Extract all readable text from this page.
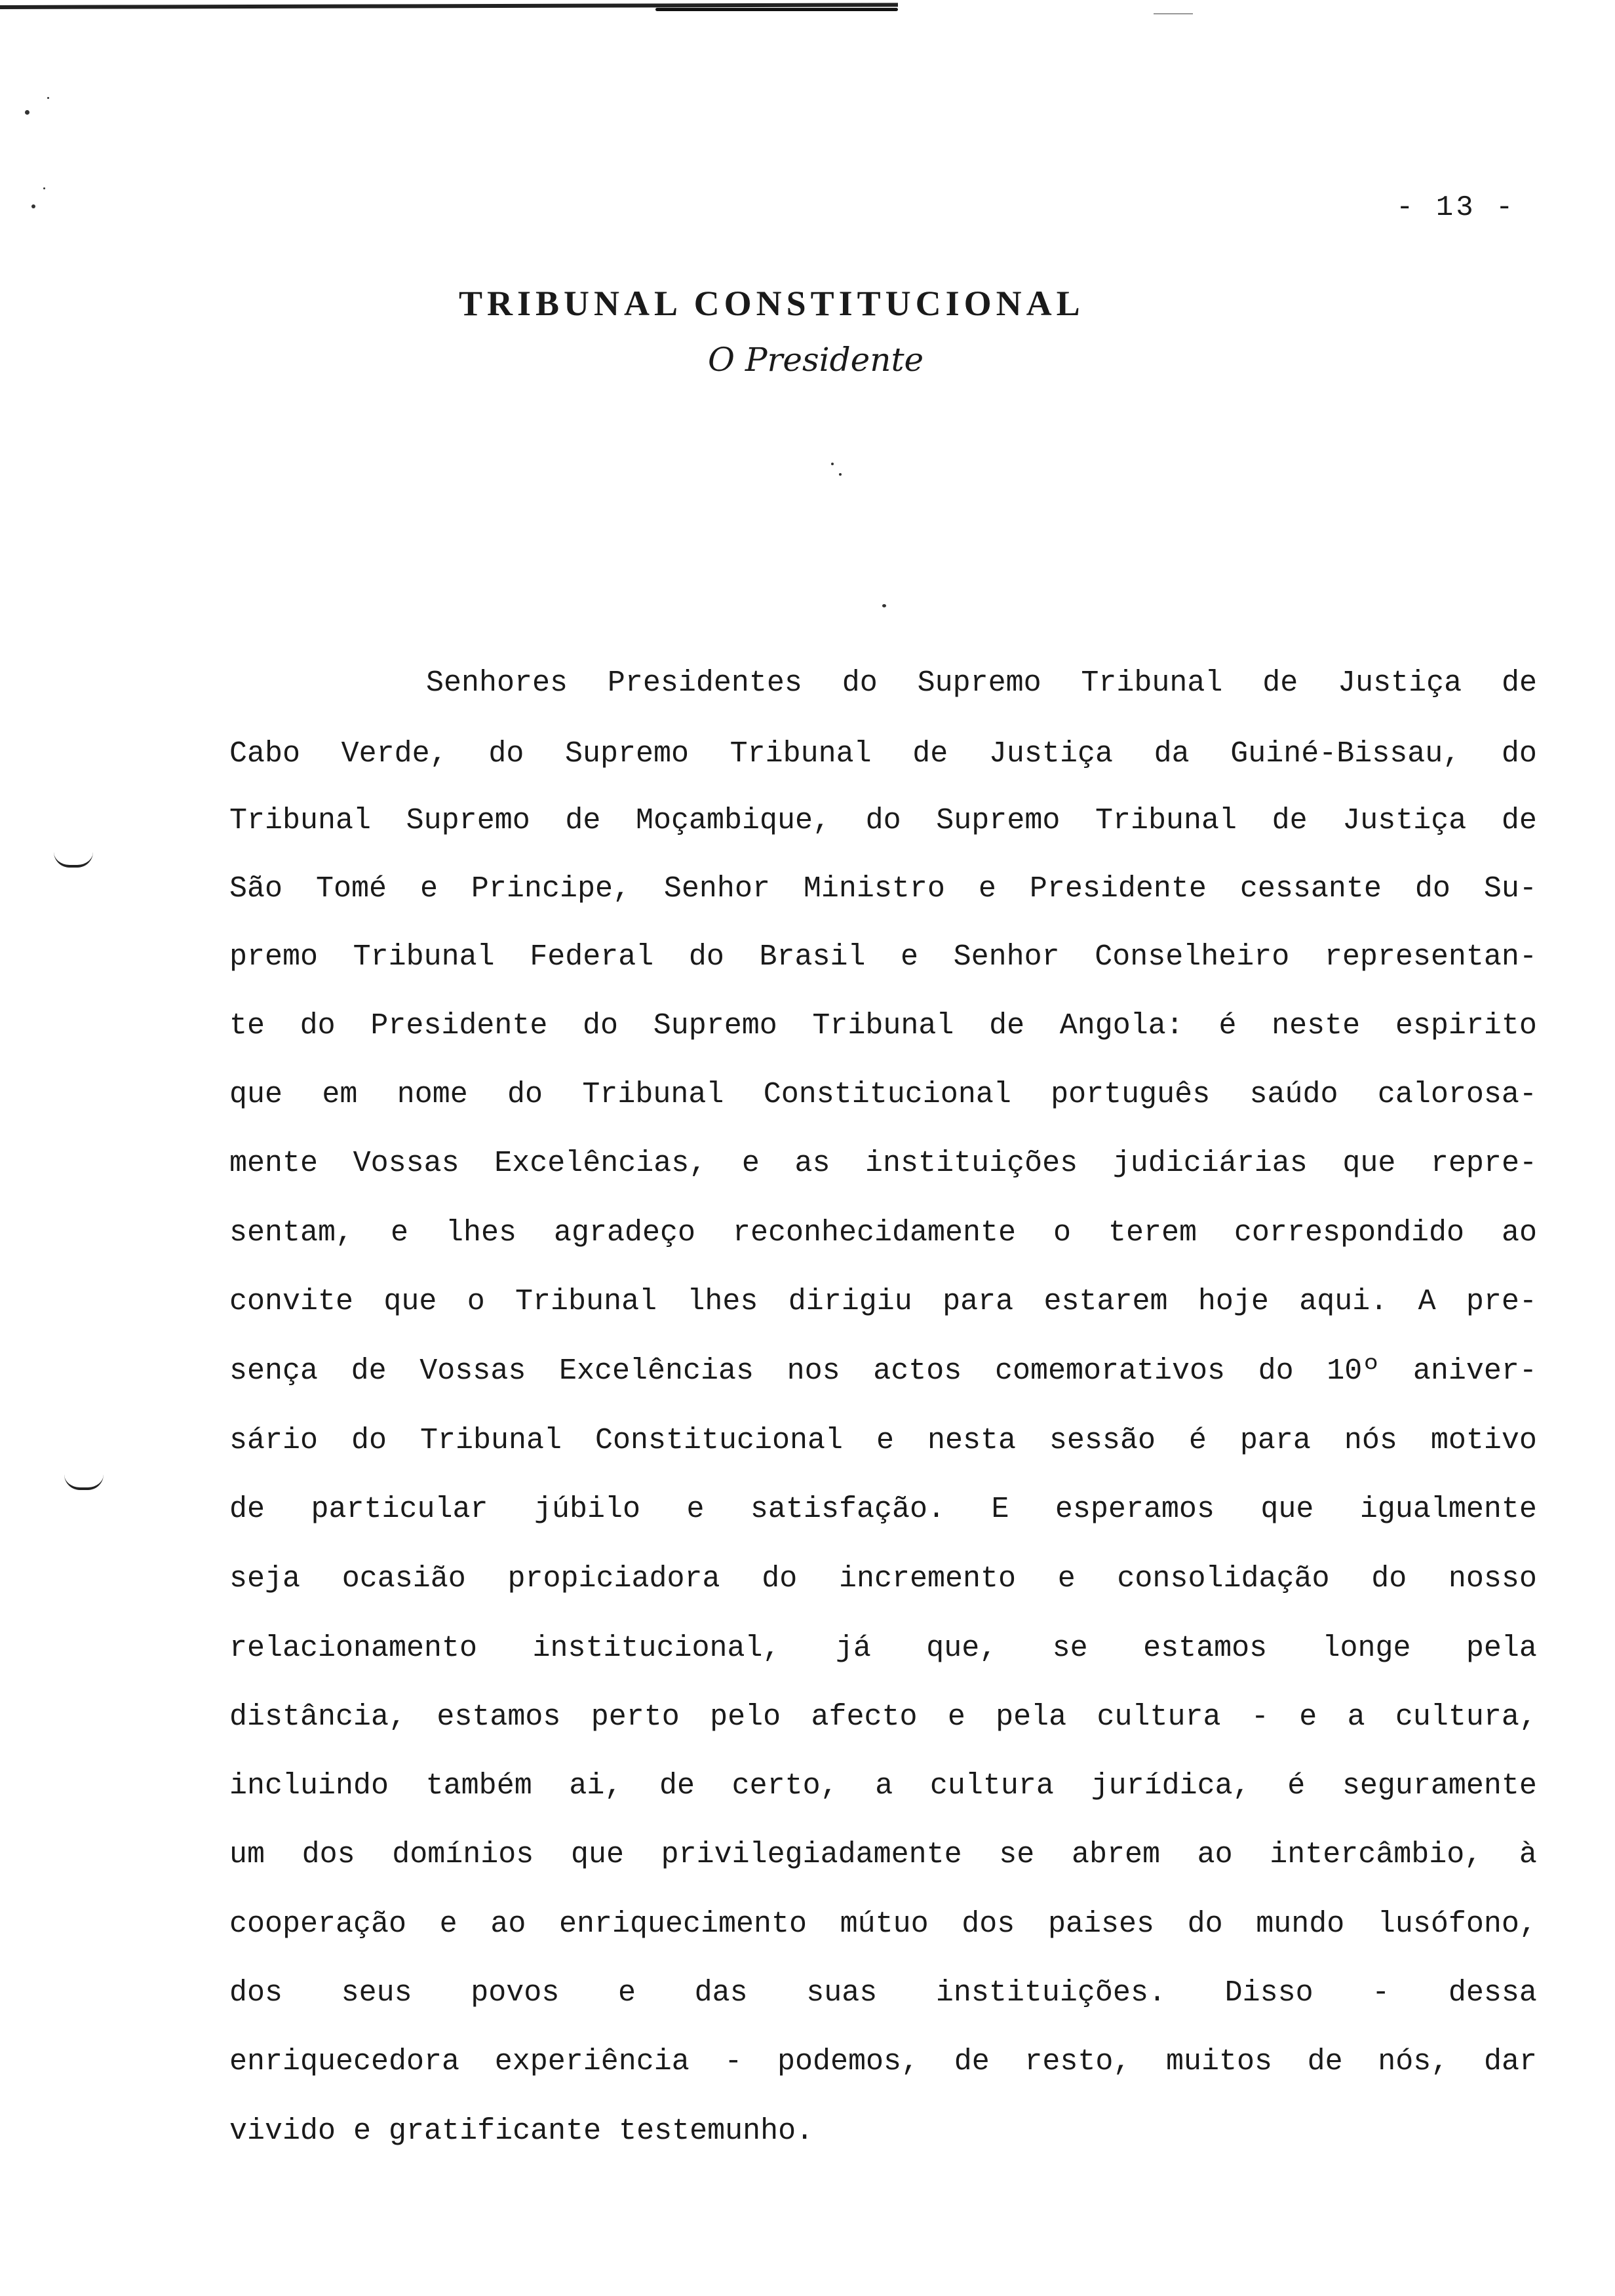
- 13 -
TRIBUNAL CONSTITUCIONAL
O Presidente
Senhores Presidentes do Supremo Tribunal de Justiça de
Cabo Verde, do Supremo Tribunal de Justiça da Guiné-Bissau, do
Tribunal Supremo de Moçambique, do Supremo Tribunal de Justiça de
São Tomé e Principe, Senhor Ministro e Presidente cessante do Su-
premo Tribunal Federal do Brasil e Senhor Conselheiro representan-
te do Presidente do Supremo Tribunal de Angola: é neste espirito
que em nome do Tribunal Constitucional português saúdo calorosa-
mente Vossas Excelências, e as instituições judiciárias que repre-
sentam, e lhes agradeço reconhecidamente o terem correspondido ao
convite que o Tribunal lhes dirigiu para estarem hoje aqui. A pre-
sença de Vossas Excelências nos actos comemorativos do 10º aniver-
sário do Tribunal Constitucional e nesta sessão é para nós motivo
de particular júbilo e satisfação. E esperamos que igualmente
seja ocasião propiciadora do incremento e consolidação do nosso
relacionamento institucional, já que, se estamos longe pela
distância, estamos perto pelo afecto e pela cultura - e a cultura,
incluindo também ai, de certo, a cultura jurídica, é seguramente
um dos domínios que privilegiadamente se abrem ao intercâmbio, à
cooperação e ao enriquecimento mútuo dos paises do mundo lusófono,
dos seus povos e das suas instituições. Disso - dessa
enriquecedora experiência - podemos, de resto, muitos de nós, dar
vivido e gratificante testemunho.
